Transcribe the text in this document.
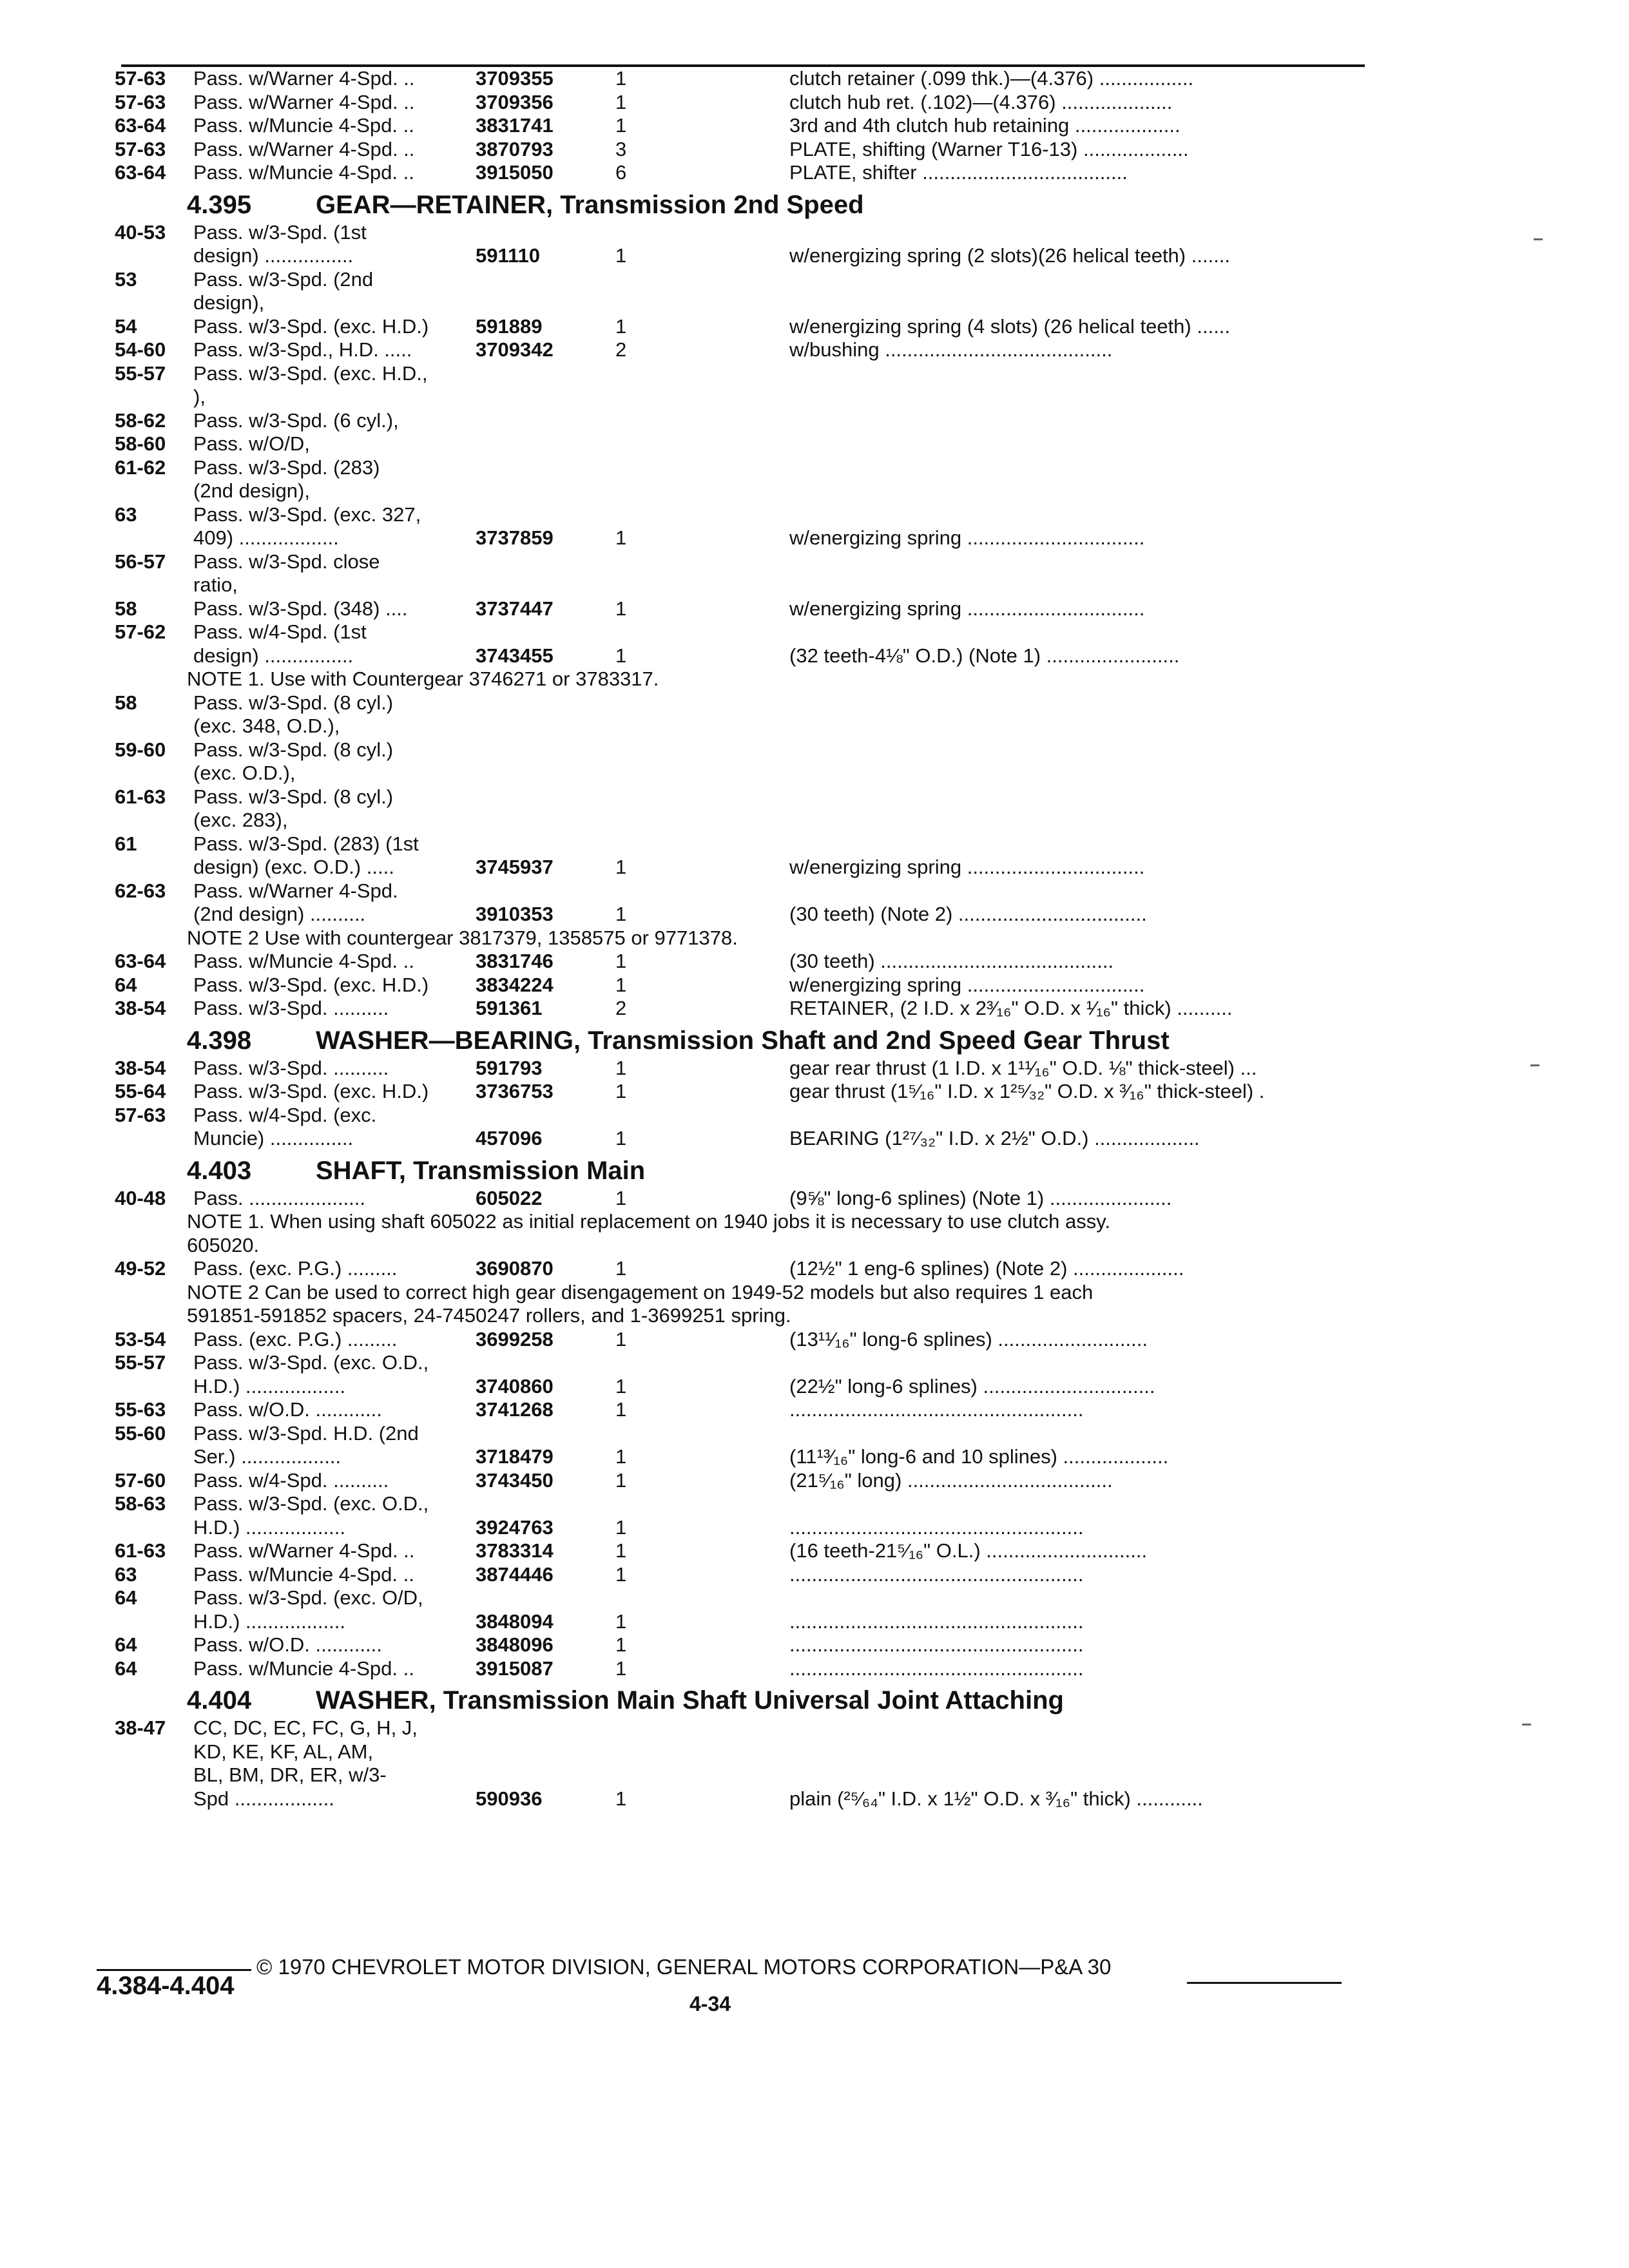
57-63 Pass. w/Warner 4-Spd. ..	3709355	1	clutch retainer (.099 thk.)—(4.376) .................
57-63 Pass. w/Warner 4-Spd. ..	3709356	1	clutch hub ret. (.102)—(4.376) ....................
63-64 Pass. w/Muncie 4-Spd. ..	3831741	1	3rd and 4th clutch hub retaining ...................
57-63 Pass. w/Warner 4-Spd. ..	3870793	3	PLATE, shifting (Warner T16-13) ...................
63-64 Pass. w/Muncie 4-Spd. ..	3915050	6	PLATE, shifter .....................................
4.395 GEAR—RETAINER, Transmission 2nd Speed
40-53 Pass. w/3-Spd. (1st
design) ................	591110	1	w/energizing spring (2 slots)(26 helical teeth) .......
53	Pass. w/3-Spd. (2nd
design),
54	Pass. w/3-Spd. (exc. H.D.) 591889	1	w/energizing spring (4 slots) (26 helical teeth) ......
54-60 Pass. w/3-Spd., H.D. .....	3709342	2	w/bushing .........................................
55-57 Pass. w/3-Spd. (exc. H.D.,
),
58-62 Pass. w/3-Spd. (6 cyl.),
58-60 Pass. w/O/D,
61-62 Pass. w/3-Spd. (283)
(2nd design),
63	Pass. w/3-Spd. (exc. 327,
409) ..................	3737859	1	w/energizing spring ................................
56-57 Pass. w/3-Spd. close
ratio,
58	Pass. w/3-Spd. (348) ....	3737447	1	w/energizing spring ................................
57-62 Pass. w/4-Spd. (1st
design) ................	3743455	1	(32 teeth-4⅛" O.D.) (Note 1) ........................
NOTE 1. Use with Countergear 3746271 or 3783317.
58	Pass. w/3-Spd. (8 cyl.)
(exc. 348, O.D.),
59-60 Pass. w/3-Spd. (8 cyl.)
(exc. O.D.),
61-63 Pass. w/3-Spd. (8 cyl.)
(exc. 283),
61	Pass. w/3-Spd. (283) (1st
design) (exc. O.D.) .....	3745937	1	w/energizing spring ................................
62-63 Pass. w/Warner 4-Spd.
(2nd design) ..........	3910353	1	(30 teeth) (Note 2) ..................................
NOTE 2 Use with countergear 3817379, 1358575 or 9771378.
63-64 Pass. w/Muncie 4-Spd. ..	3831746	1	(30 teeth) ..........................................
64	Pass. w/3-Spd. (exc. H.D.) 3834224	1	w/energizing spring ................................
38-54 Pass. w/3-Spd. ..........	591361	2	RETAINER, (2 I.D. x 2³⁄₁₆" O.D. x ¹⁄₁₆" thick) ..........
4.398 WASHER—BEARING, Transmission Shaft and 2nd Speed Gear Thrust
38-54 Pass. w/3-Spd. ..........	591793	1	gear rear thrust (1 I.D. x 1¹¹⁄₁₆" O.D. ⅛" thick-steel) ...
55-64 Pass. w/3-Spd. (exc. H.D.) 3736753	1	gear thrust (1⁵⁄₁₆" I.D. x 1²⁵⁄₃₂" O.D. x ³⁄₁₆" thick-steel) .
57-63 Pass. w/4-Spd. (exc.
Muncie) ...............	457096	1	BEARING (1²⁷⁄₃₂" I.D. x 2½" O.D.) ...................
4.403 SHAFT, Transmission Main
40-48 Pass. .....................	605022	1	(9⅝" long-6 splines) (Note 1) ......................
NOTE 1. When using shaft 605022 as initial replacement on 1940 jobs it is necessary to use clutch assy.
605020.
49-52 Pass. (exc. P.G.) .........	3690870	1	(12½" 1 eng-6 splines) (Note 2) ....................
NOTE 2 Can be used to correct high gear disengagement on 1949-52 models but also requires 1 each
591851-591852 spacers, 24-7450247 rollers, and 1-3699251 spring.
53-54 Pass. (exc. P.G.) .........	3699258	1	(13¹¹⁄₁₆" long-6 splines) ...........................
55-57 Pass. w/3-Spd. (exc. O.D.,
H.D.) ..................	3740860	1	(22½" long-6 splines) ...............................
55-63 Pass. w/O.D. ............	3741268	1	.....................................................
55-60 Pass. w/3-Spd. H.D. (2nd
Ser.) ..................	3718479	1	(11¹³⁄₁₆" long-6 and 10 splines) ...................
57-60 Pass. w/4-Spd. ..........	3743450	1	(21⁵⁄₁₆" long) .....................................
58-63 Pass. w/3-Spd. (exc. O.D.,
H.D.) ..................	3924763	1	.....................................................
61-63 Pass. w/Warner 4-Spd. ..	3783314	1	(16 teeth-21⁵⁄₁₆" O.L.) .............................
63	Pass. w/Muncie 4-Spd. ..	3874446	1	.....................................................
64	Pass. w/3-Spd. (exc. O/D,
H.D.) ..................	3848094	1	.....................................................
64	Pass. w/O.D. ............	3848096	1	.....................................................
64	Pass. w/Muncie 4-Spd. ..	3915087	1	.....................................................
4.404 WASHER, Transmission Main Shaft Universal Joint Attaching
38-47 CC, DC, EC, FC, G, H, J,
KD, KE, KF, AL, AM,
BL, BM, DR, ER, w/3-
Spd ..................	590936	1	plain (²⁵⁄₆₄" I.D. x 1½" O.D. x ³⁄₁₆" thick) ............
© 1970 CHEVROLET MOTOR DIVISION, GENERAL MOTORS CORPORATION—P&A 30
4.384-4.404
4-34
